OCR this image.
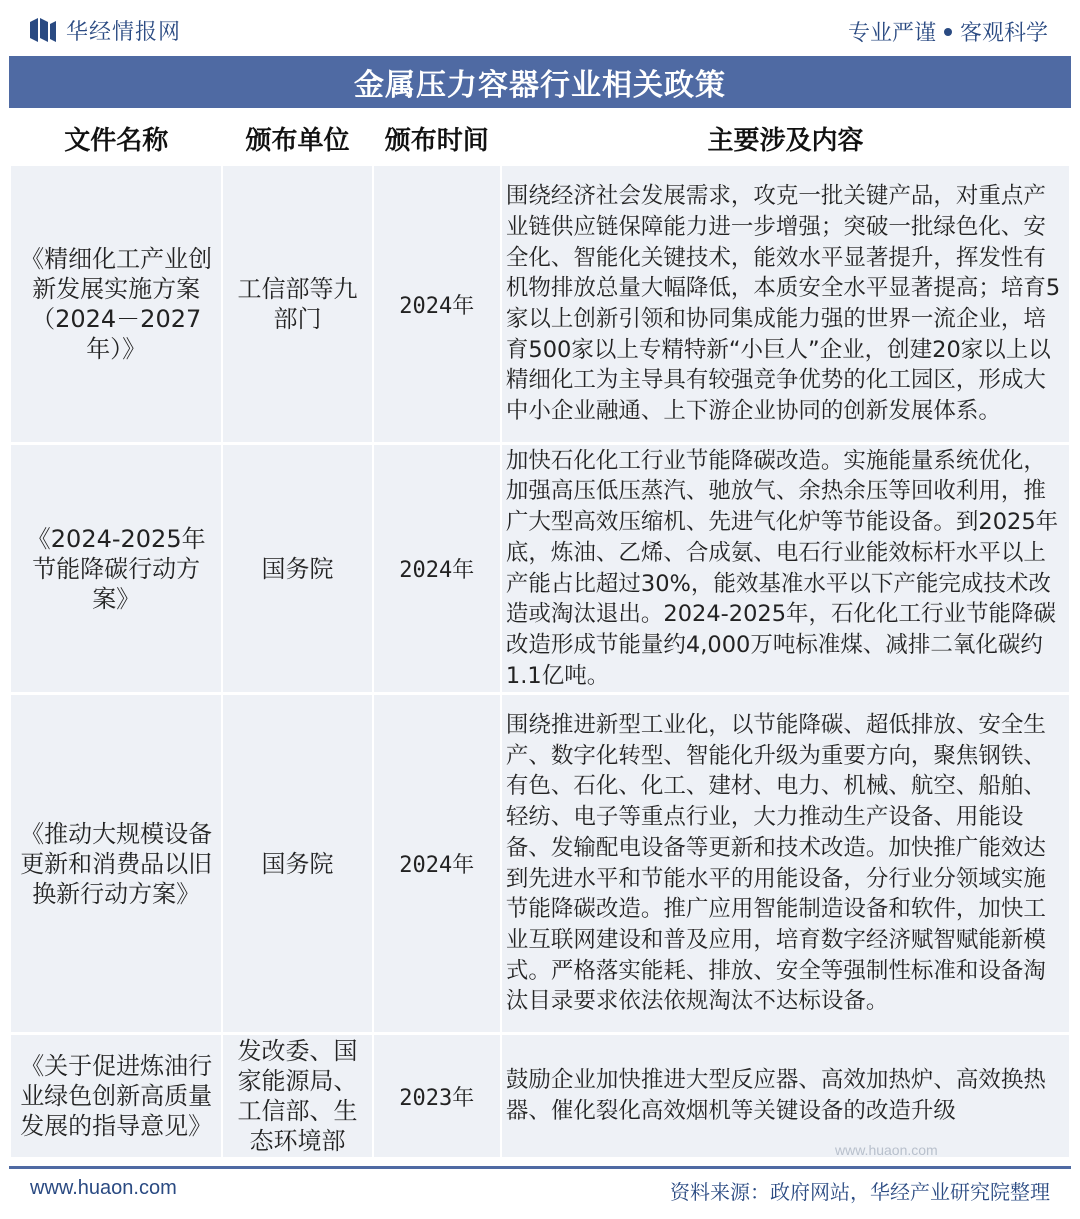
华经情报网	专业严谨 客观科学
金属压力容器行业相关政策
文件名称	颁布单位	颁布时间	主要涉及内容
《精细化工产业创新发展实施方案（2024－2027年）》	工信部等九部门	2024年	围绕经济社会发展需求，攻克一批关键产品，对重点产业链供应链保障能力进一步增强；突破一批绿色化、安全化、智能化关键技术，能效水平显著提升，挥发性有机物排放总量大幅降低，本质安全水平显著提高；培育5家以上创新引领和协同集成能力强的世界一流企业，培育500家以上专精特新“小巨人”企业，创建20家以上以精细化工为主导具有较强竞争优势的化工园区，形成大中小企业融通、上下游企业协同的创新发展体系。
《2024-2025年节能降碳行动方案》	国务院	2024年	加快石化化工行业节能降碳改造。实施能量系统优化，加强高压低压蒸汽、驰放气、余热余压等回收利用，推广大型高效压缩机、先进气化炉等节能设备。到2025年底，炼油、乙烯、合成氨、电石行业能效标杆水平以上产能占比超过30%，能效基准水平以下产能完成技术改造或淘汰退出。2024-2025年，石化化工行业节能降碳改造形成节能量约4,000万吨标准煤、减排二氧化碳约1.1亿吨。
《推动大规模设备更新和消费品以旧换新行动方案》	国务院	2024年	围绕推进新型工业化，以节能降碳、超低排放、安全生产、数字化转型、智能化升级为重要方向，聚焦钢铁、有色、石化、化工、建材、电力、机械、航空、船舶、轻纺、电子等重点行业，大力推动生产设备、用能设备、发输配电设备等更新和技术改造。加快推广能效达到先进水平和节能水平的用能设备，分行业分领域实施节能降碳改造。推广应用智能制造设备和软件，加快工业互联网建设和普及应用，培育数字经济赋智赋能新模式。严格落实能耗、排放、安全等强制性标准和设备淘汰目录要求依法依规淘汰不达标设备。
《关于促进炼油行业绿色创新高质量发展的指导意见》	发改委、国家能源局、工信部、生态环境部	2023年	鼓励企业加快推进大型反应器、高效加热炉、高效换热器、催化裂化高效烟机等关键设备的改造升级
www.huaon.com
www.huaon.com	资料来源：政府网站，华经产业研究院整理
